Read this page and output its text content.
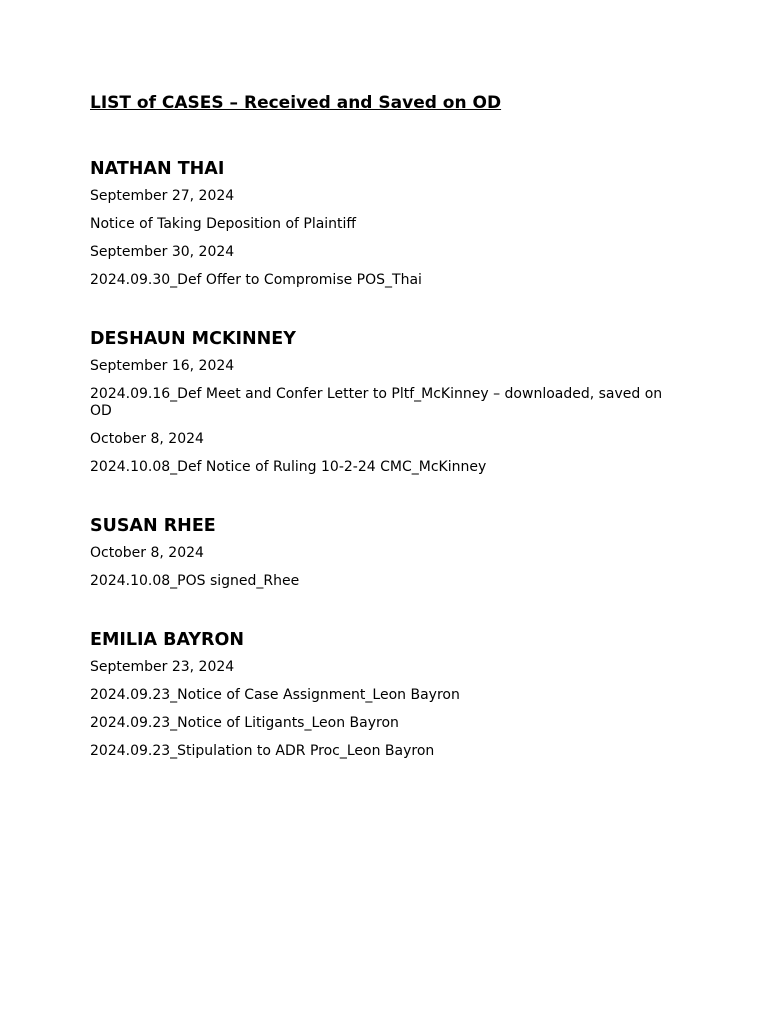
LIST of CASES – Received and Saved on OD
NATHAN THAI
September 27, 2024
Notice of Taking Deposition of Plaintiff
September 30, 2024
2024.09.30_Def Offer to Compromise POS_Thai
DESHAUN MCKINNEY
September 16, 2024
2024.09.16_Def Meet and Confer Letter to Pltf_McKinney – downloaded, saved on OD
October 8, 2024
2024.10.08_Def Notice of Ruling 10-2-24 CMC_McKinney
SUSAN RHEE
October 8, 2024
2024.10.08_POS signed_Rhee
EMILIA BAYRON
September 23, 2024
2024.09.23_Notice of Case Assignment_Leon Bayron
2024.09.23_Notice of Litigants_Leon Bayron
2024.09.23_Stipulation to ADR Proc_Leon Bayron
